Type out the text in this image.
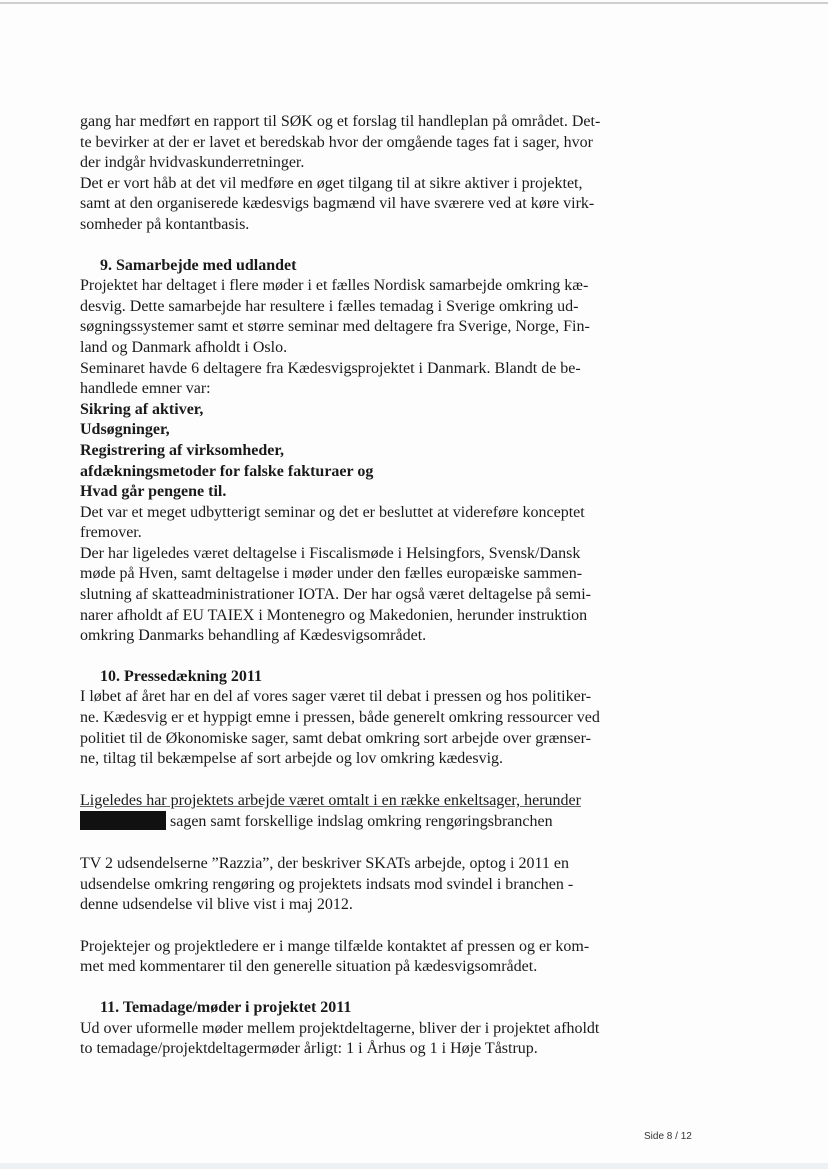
gang har medført en rapport til SØK og et forslag til handleplan på området. Det-
te bevirker at der er lavet et beredskab hvor der omgående tages fat i sager, hvor
der indgår hvidvaskunderretninger.

Det er vort håb at det vil medføre en øget tilgang til at sikre aktiver i projektet,
samt at den organiserede kædesvigs bagmænd vil have sværere ved at køre virk-
somheder på kontantbasis.

9. Samarbejde med udlandet

Projektet har deltaget i flere møder i et fælles Nordisk samarbejde omkring kæ-
desvig. Dette samarbejde har resultere i fælles temadag i Sverige omkring ud-
søgningssystemer samt et større seminar med deltagere fra Sverige, Norge, Fin-
land og Danmark afholdt i Oslo.

Seminaret havde 6 deltagere fra Kædesvigsprojektet i Danmark. Blandt de be-
handlede emner var:

Sikring af aktiver,

Udsøgninger,

Registrering af virksomheder,

afdækningsmetoder for falske fakturaer og

Hvad går pengene til.

Det var et meget udbytterigt seminar og det er besluttet at videreføre konceptet
fremover.

Der har ligeledes været deltagelse i Fiscalismøde i Helsingfors, Svensk/Dansk
møde på Hven, samt deltagelse i møder under den fælles europæiske sammen-
slutning af skatteadministrationer IOTA. Der har også været deltagelse på semi-
narer afholdt af EU TAIEX i Montenegro og Makedonien, herunder instruktion
omkring Danmarks behandling af Kædesvigsområdet.

10. Pressedækning 2011

I løbet af året har en del af vores sager været til debat i pressen og hos politiker-
ne. Kædesvig er et hyppigt emne i pressen, både generelt omkring ressourcer ved
politiet til de Økonomiske sager, samt debat omkring sort arbejde over grænser-
ne, tiltag til bekæmpelse af sort arbejde og lov omkring kædesvig.

Ligeledes har projektets arbejde været omtalt i en række enkeltsager, herunder
sagen samt forskellige indslag omkring rengøringsbranchen

TV 2 udsendelserne ”Razzia”, der beskriver SKATs arbejde, optog i 2011 en
udsendelse omkring rengøring og projektets indsats mod svindel i branchen -
denne udsendelse vil blive vist i maj 2012.

Projektejer og projektledere er i mange tilfælde kontaktet af pressen og er kom-
met med kommentarer til den generelle situation på kædesvigsområdet.

11. Temadage/møder i projektet 2011

Ud over uformelle møder mellem projektdeltagerne, bliver der i projektet afholdt
to temadage/projektdeltagermøder årligt: 1 i Århus og 1 i Høje Tåstrup.

Side 8 / 12
